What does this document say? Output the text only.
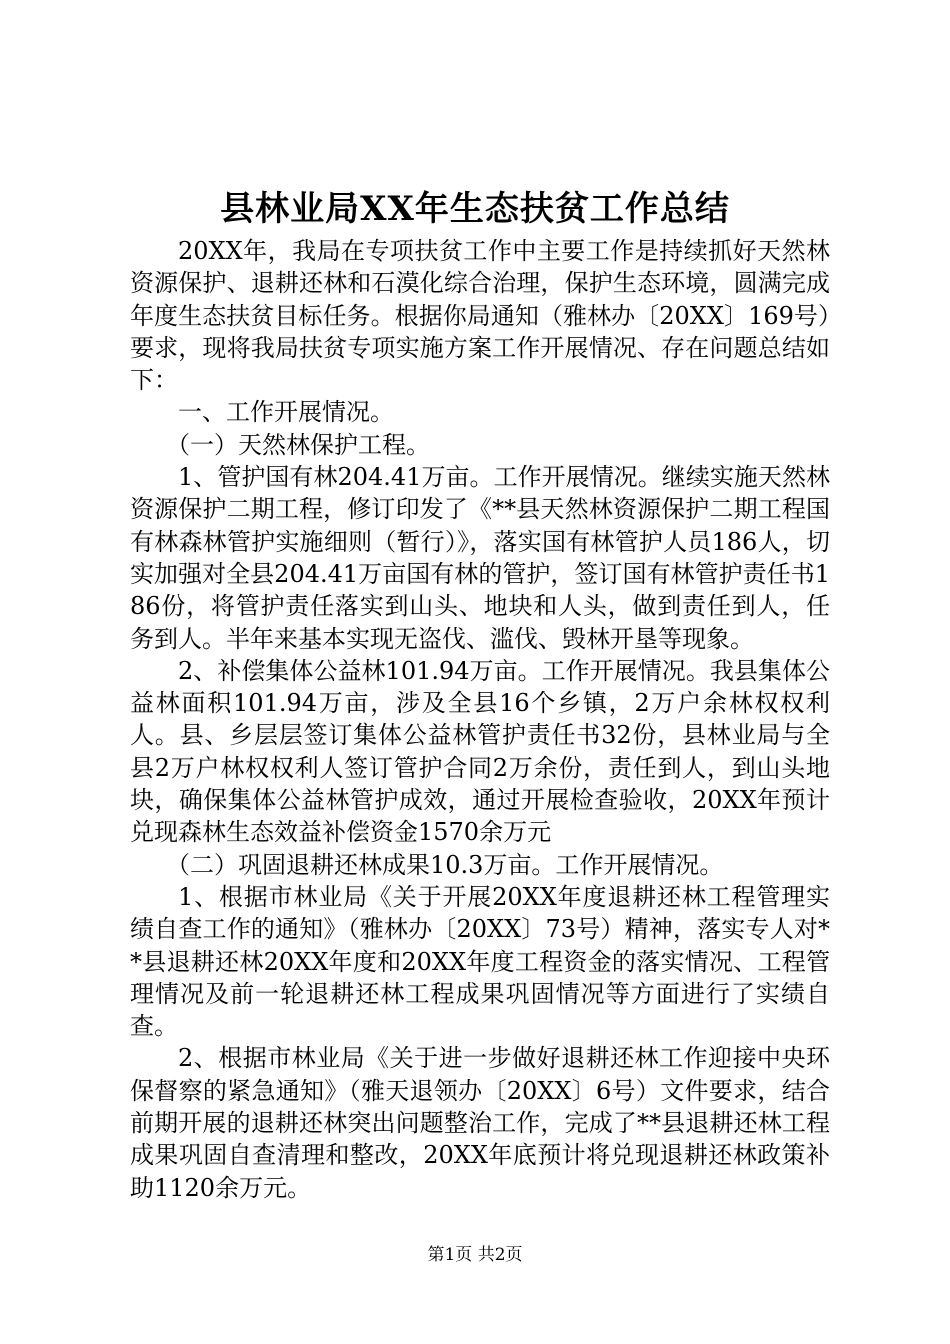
县林业局XX年生态扶贫工作总结

20XX年，我局在专项扶贫工作中主要工作是持续抓好天然林资源保护、退耕还林和石漠化综合治理，保护生态环境，圆满完成年度生态扶贫目标任务。根据你局通知（雅林办〔20XX〕169号）要求，现将我局扶贫专项实施方案工作开展情况、存在问题总结如下：

一、工作开展情况。

（一）天然林保护工程。

1、管护国有林204.41万亩。工作开展情况。继续实施天然林资源保护二期工程，修订印发了《**县天然林资源保护二期工程国有林森林管护实施细则（暂行）》，落实国有林管护人员186人，切实加强对全县204.41万亩国有林的管护，签订国有林管护责任书186份，将管护责任落实到山头、地块和人头，做到责任到人，任务到人。半年来基本实现无盗伐、滥伐、毁林开垦等现象。

2、补偿集体公益林101.94万亩。工作开展情况。我县集体公益林面积101.94万亩，涉及全县16个乡镇，2万户余林权权利人。县、乡层层签订集体公益林管护责任书32份，县林业局与全县2万户林权权利人签订管护合同2万余份，责任到人，到山头地块，确保集体公益林管护成效，通过开展检查验收，20XX年预计兑现森林生态效益补偿资金1570余万元

（二）巩固退耕还林成果10.3万亩。工作开展情况。

1、根据市林业局《关于开展20XX年度退耕还林工程管理实绩自查工作的通知》（雅林办〔20XX〕73号）精神，落实专人对**县退耕还林20XX年度和20XX年度工程资金的落实情况、工程管理情况及前一轮退耕还林工程成果巩固情况等方面进行了实绩自查。

2、根据市林业局《关于进一步做好退耕还林工作迎接中央环保督察的紧急通知》（雅天退领办〔20XX〕6号）文件要求，结合前期开展的退耕还林突出问题整治工作，完成了**县退耕还林工程成果巩固自查清理和整改，20XX年底预计将兑现退耕还林政策补助1120余万元。

第1页 共2页
